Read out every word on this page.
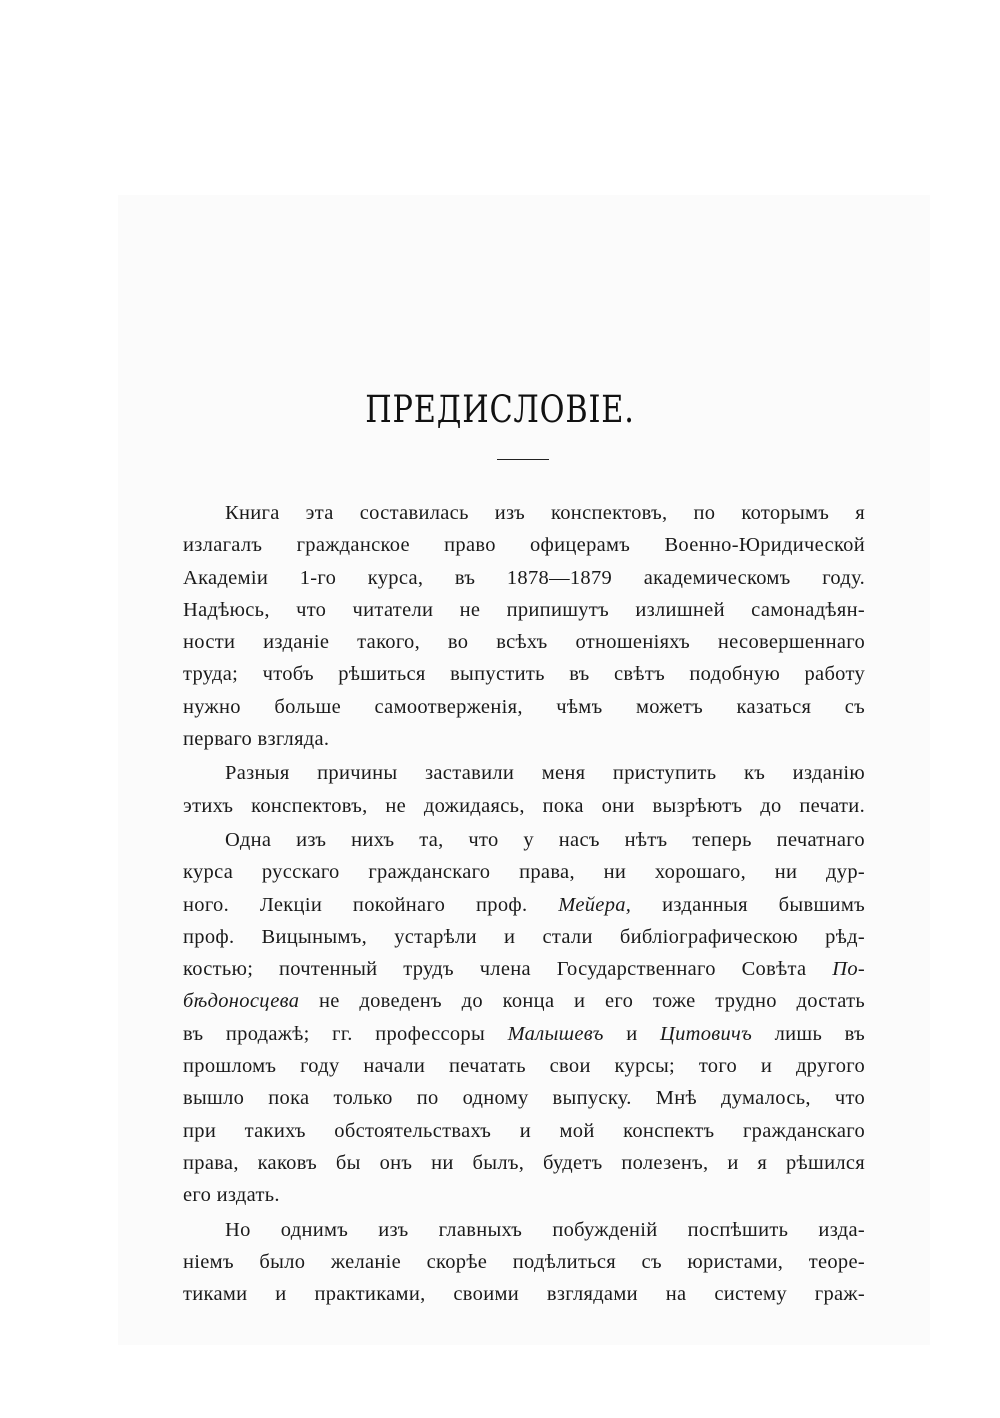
ПРЕДИСЛОВІЕ.

Книга эта составилась изъ конспектовъ, по которымъ я
излагалъ гражданское право офицерамъ Военно-Юридической
Академіи 1-го курса, въ 1878—1879 академическомъ году.
Надѣюсь, что читатели не припишутъ излишней самонадѣян-
ности изданіе такого, во всѣхъ отношеніяхъ несовершеннаго
труда; чтобъ рѣшиться выпустить въ свѣтъ подобную работу
нужно больше самоотверженія, чѣмъ можетъ казаться съ
перваго взгляда.

Разныя причины заставили меня приступить къ изданію
этихъ конспектовъ, не дожидаясь, пока они вызрѣютъ до печати.

Одна изъ нихъ та, что у насъ нѣтъ теперь печатнаго
курса русскаго гражданскаго права, ни хорошаго, ни дур-
ного. Лекціи покойнаго проф. Мейера, изданныя бывшимъ
проф. Вицынымъ, устарѣли и стали библіографическою рѣд-
костью; почтенный трудъ члена Государственнаго Совѣта По-
бѣдоносцева не доведенъ до конца и его тоже трудно достать
въ продажѣ; гг. профессоры Малышевъ и Цитовичъ лишь въ
прошломъ году начали печатать свои курсы; того и другого
вышло пока только по одному выпуску. Мнѣ думалось, что
при такихъ обстоятельствахъ и мой конспектъ гражданскаго
права, каковъ бы онъ ни былъ, будетъ полезенъ, и я рѣшился
его издать.

Но однимъ изъ главныхъ побужденій поспѣшить изда-
ніемъ было желаніе скорѣе подѣлиться съ юристами, теоре-
тиками и практиками, своими взглядами на систему граж-
